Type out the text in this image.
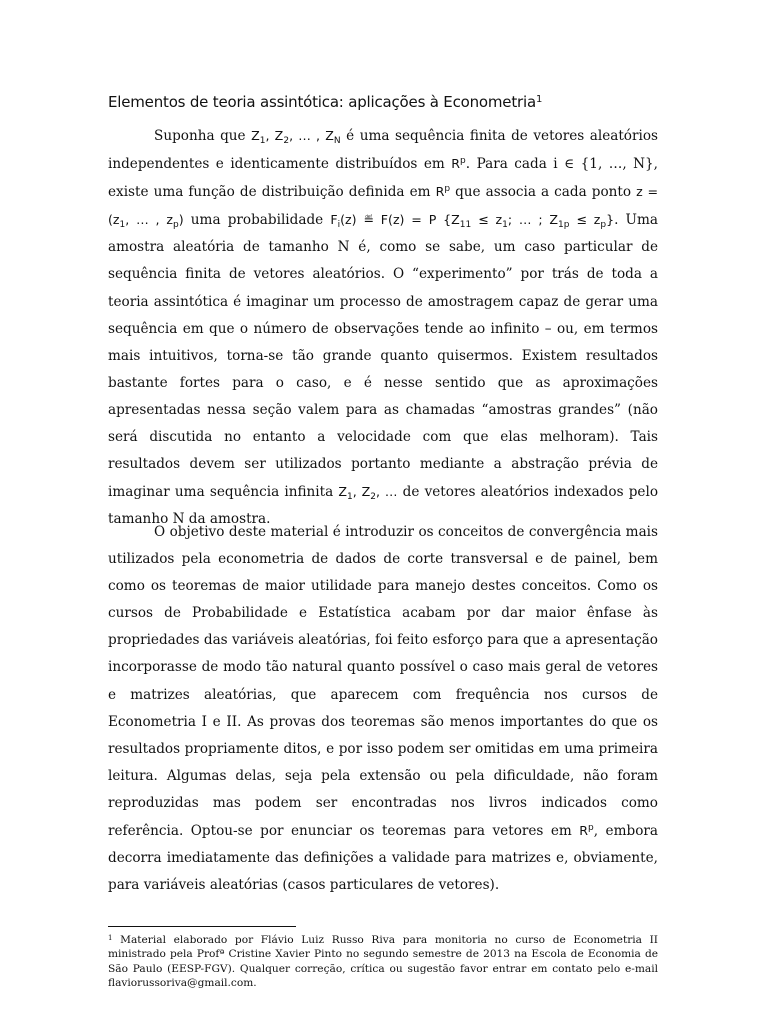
Elementos de teoria assintótica: aplicações à Econometria$^1$

Suponha que $Z_1$, $Z_2$, … , $Z_N$ é uma sequência finita de vetores aleatórios independentes e identicamente distribuídos em $R^p$. Para cada i ∈ {1, …, N}, existe uma função de distribuição definida em $R^p$ que associa a cada ponto $z = (z_1$, … , $z_p$) uma probabilidade $F_i(z)$ ≝ F(z) = P {$Z_{11} \le z_1$; … ; $Z_{1p} \le z_p$}. Uma amostra aleatória de tamanho N é, como se sabe, um caso particular de sequência finita de vetores aleatórios. O “experimento” por trás de toda a teoria assintótica é imaginar um processo de amostragem capaz de gerar uma sequência em que o número de observações tende ao infinito – ou, em termos mais intuitivos, torna-se tão grande quanto quisermos. Existem resultados bastante fortes para o caso, e é nesse sentido que as aproximações apresentadas nessa seção valem para as chamadas “amostras grandes” (não será discutida no entanto a velocidade com que elas melhoram). Tais resultados devem ser utilizados portanto mediante a abstração prévia de imaginar uma sequência infinita $Z_1$, $Z_2$, … de vetores aleatórios indexados pelo tamanho N da amostra.

O objetivo deste material é introduzir os conceitos de convergência mais utilizados pela econometria de dados de corte transversal e de painel, bem como os teoremas de maior utilidade para manejo destes conceitos. Como os cursos de Probabilidade e Estatística acabam por dar maior ênfase às propriedades das variáveis aleatórias, foi feito esforço para que a apresentação incorporasse de modo tão natural quanto possível o caso mais geral de vetores e matrizes aleatórias, que aparecem com frequência nos cursos de Econometria I e II. As provas dos teoremas são menos importantes do que os resultados propriamente ditos, e por isso podem ser omitidas em uma primeira leitura. Algumas delas, seja pela extensão ou pela dificuldade, não foram reproduzidas mas podem ser encontradas nos livros indicados como referência. Optou-se por enunciar os teoremas para vetores em $R^p$, embora decorra imediatamente das definições a validade para matrizes e, obviamente, para variáveis aleatórias (casos particulares de vetores).

$^1$ Material elaborado por Flávio Luiz Russo Riva para monitoria no curso de Econometria II ministrado pela Profª Cristine Xavier Pinto no segundo semestre de 2013 na Escola de Economia de São Paulo (EESP-FGV). Qualquer correção, crítica ou sugestão favor entrar em contato pelo e-mail flaviorussoriva@gmail.com.
